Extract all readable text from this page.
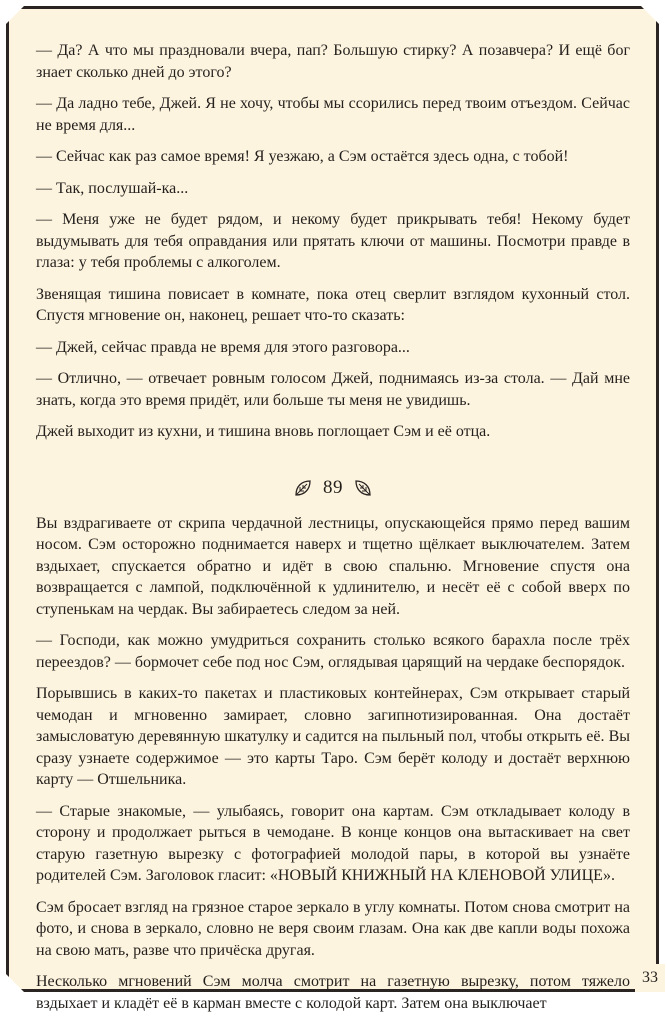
— Да? А что мы праздновали вчера, пап? Большую стирку? А позавчера? И ещё бог знает сколько дней до этого?

— Да ладно тебе, Джей. Я не хочу, чтобы мы ссорились перед твоим отъездом. Сейчас не время для...

— Сейчас как раз самое время! Я уезжаю, а Сэм остаётся здесь одна, с тобой!

— Так, послушай-ка...

— Меня уже не будет рядом, и некому будет прикрывать тебя! Некому будет выдумывать для тебя оправдания или прятать ключи от машины. Посмотри правде в глаза: у тебя проблемы с алкоголем.

Звенящая тишина повисает в комнате, пока отец сверлит взглядом кухонный стол. Спустя мгновение он, наконец, решает что-то сказать:

— Джей, сейчас правда не время для этого разговора...

— Отлично, — отвечает ровным голосом Джей, поднимаясь из-за стола. — Дай мне знать, когда это время придёт, или больше ты меня не увидишь.

Джей выходит из кухни, и тишина вновь поглощает Сэм и её отца.

89

Вы вздрагиваете от скрипа чердачной лестницы, опускающейся прямо перед вашим носом. Сэм осторожно поднимается наверх и тщетно щёлкает выключателем. Затем вздыхает, спускается обратно и идёт в свою спальню. Мгновение спустя она возвращается с лампой, подключённой к удлинителю, и несёт её с собой вверх по ступенькам на чердак. Вы забираетесь следом за ней.

— Господи, как можно умудриться сохранить столько всякого барахла после трёх переездов? — бормочет себе под нос Сэм, оглядывая царящий на чердаке беспорядок.

Порывшись в каких-то пакетах и пластиковых контейнерах, Сэм открывает старый чемодан и мгновенно замирает, словно загипнотизированная. Она достаёт замысловатую деревянную шкатулку и садится на пыльный пол, чтобы открыть её. Вы сразу узнаете содержимое — это карты Таро. Сэм берёт колоду и достаёт верхнюю карту — Отшельника.

— Старые знакомые, — улыбаясь, говорит она картам. Сэм откладывает колоду в сторону и продолжает рыться в чемодане. В конце концов она вытаскивает на свет старую газетную вырезку с фотографией молодой пары, в которой вы узнаёте родителей Сэм. Заголовок гласит: «НОВЫЙ КНИЖНЫЙ НА КЛЕНОВОЙ УЛИЦЕ».

Сэм бросает взгляд на грязное старое зеркало в углу комнаты. Потом снова смотрит на фото, и снова в зеркало, словно не веря своим глазам. Она как две капли воды похожа на свою мать, разве что причёска другая.

Несколько мгновений Сэм молча смотрит на газетную вырезку, потом тяжело вздыхает и кладёт её в карман вместе с колодой карт. Затем она выключает

33
